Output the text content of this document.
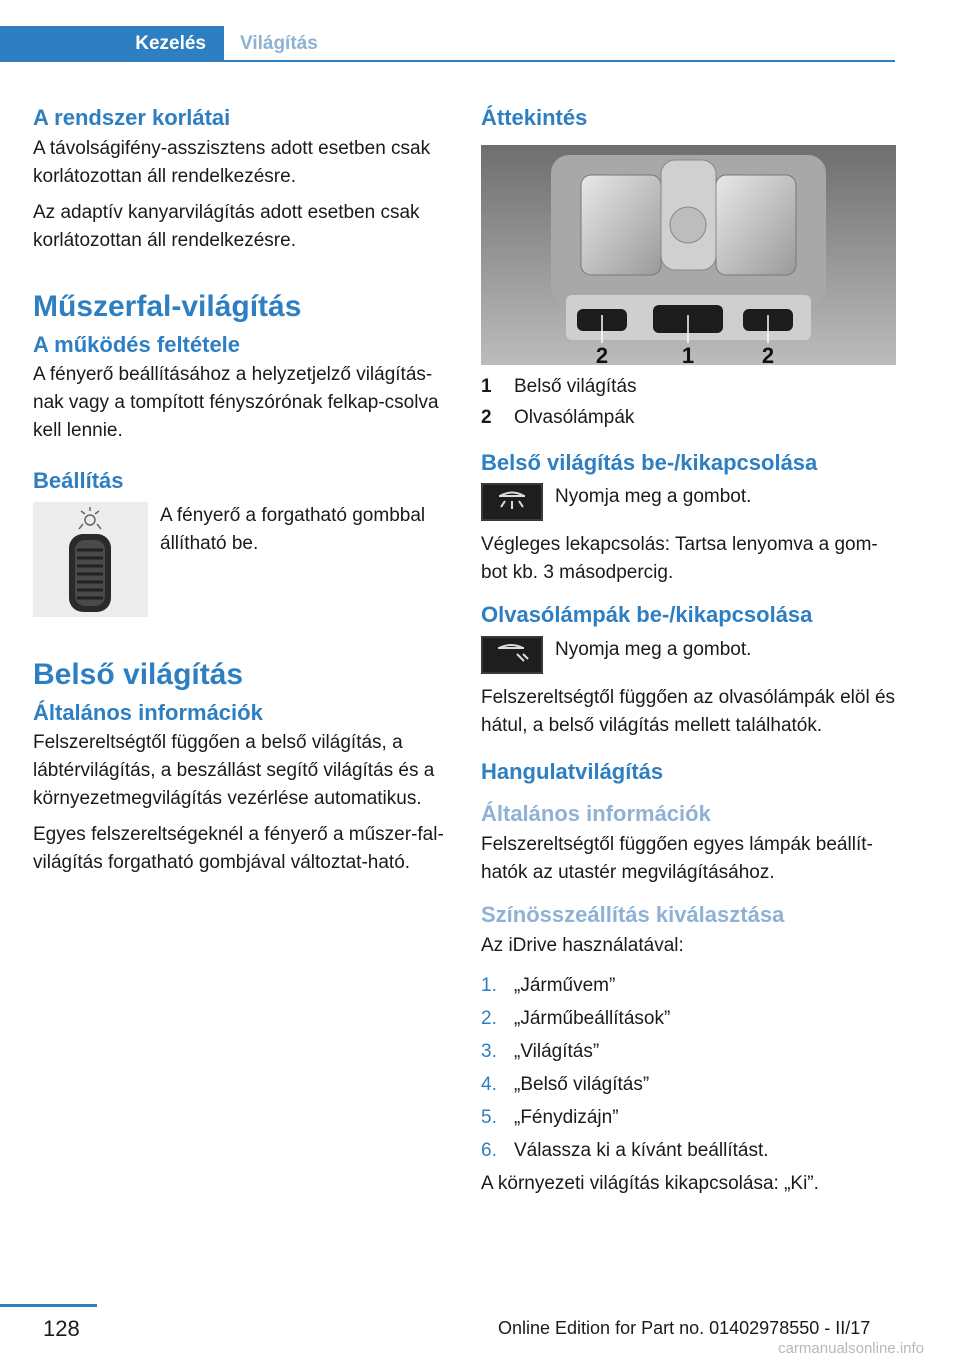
Kezelés	Világítás
A rendszer korlátai

A távolságifény-asszisztens adott esetben csak korlátozottan áll rendelkezésre.

Az adaptív kanyarvilágítás adott esetben csak korlátozottan áll rendelkezésre.

Műszerfal-világítás
A működés feltétele

A fényerő beállításához a helyzetjelző világítás-nak vagy a tompított fényszórónak felkap-csolva kell lennie.

Beállítás
A fényerő a forgatható gombbal állítható be.
Belső világítás
Általános információk

Felszereltségtől függően a belső világítás, a lábtérvilágítás, a beszállást segítő világítás és a környezetmegvilágítás vezérlése automatikus.

Egyes felszereltségeknél a fényerő a műszer-fal-világítás forgatható gombjával változtat-ható.

Áttekintés
2	1	2
1	Belső világítás
2	Olvasólámpák
Belső világítás be-/kikapcsolása
Nyomja meg a gombot.

Végleges lekapcsolás: Tartsa lenyomva a gom-bot kb. 3 másodpercig.

Olvasólámpák be-/kikapcsolása
Nyomja meg a gombot.

Felszereltségtől függően az olvasólámpák elöl és hátul, a belső világítás mellett találhatók.

Hangulatvilágítás
Általános információk

Felszereltségtől függően egyes lámpák beállít-hatók az utastér megvilágításához.

Színösszeállítás kiválasztása

Az iDrive használatával:

1. „Járművem”
2. „Járműbeállítások”
3. „Világítás”
4. „Belső világítás”
5. „Fénydizájn”
6. Válassza ki a kívánt beállítást.

A környezeti világítás kikapcsolása: „Ki”.

128	Online Edition for Part no. 01402978550 - II/17
carmanualsonline.info
